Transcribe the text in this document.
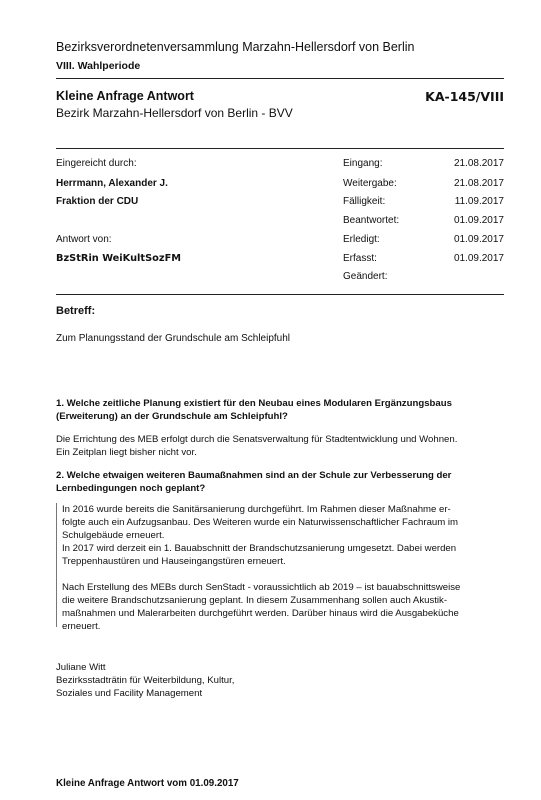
Bezirksverordnetenversammlung Marzahn-Hellersdorf von Berlin
VIII. Wahlperiode
Kleine Anfrage Antwort	KA-145/VIII
Bezirk Marzahn-Hellersdorf von Berlin - BVV
Eingereicht durch:
Herrmann, Alexander J.
Fraktion der CDU
Antwort von:
BzStRin WeiKultSozFM
Eingang:	21.08.2017
Weitergabe:	21.08.2017
Fälligkeit:	11.09.2017
Beantwortet:	01.09.2017
Erledigt:	01.09.2017
Erfasst:	01.09.2017
Geändert:
Betreff:
Zum Planungsstand der Grundschule am Schleipfuhl

1. Welche zeitliche Planung existiert für den Neubau eines Modularen Ergänzungsbaus

(Erweiterung) an der Grundschule am Schleipfuhl?

Die Errichtung des MEB erfolgt durch die Senatsverwaltung für Stadtentwicklung und Wohnen.

Ein Zeitplan liegt bisher nicht vor.

2. Welche etwaigen weiteren Baumaßnahmen sind an der Schule zur Verbesserung der

Lernbedingungen noch geplant?

In 2016 wurde bereits die Sanitärsanierung durchgeführt. Im Rahmen dieser Maßnahme er-

folgte auch ein Aufzugsanbau. Des Weiteren wurde ein Naturwissenschaftlicher Fachraum im

Schulgebäude erneuert.

In 2017 wird derzeit ein 1. Bauabschnitt der Brandschutzsanierung umgesetzt. Dabei werden

Treppenhaustüren und Hauseingangstüren erneuert.

Nach Erstellung des MEBs durch SenStadt - voraussichtlich ab 2019 – ist bauabschnittsweise

die weitere Brandschutzsanierung geplant. In diesem Zusammenhang sollen auch Akustik-

maßnahmen und Malerarbeiten durchgeführt werden. Darüber hinaus wird die Ausgabeküche

erneuert.

Juliane Witt

Bezirksstadträtin für Weiterbildung, Kultur,

Soziales und Facility Management

Kleine Anfrage Antwort vom 01.09.2017
